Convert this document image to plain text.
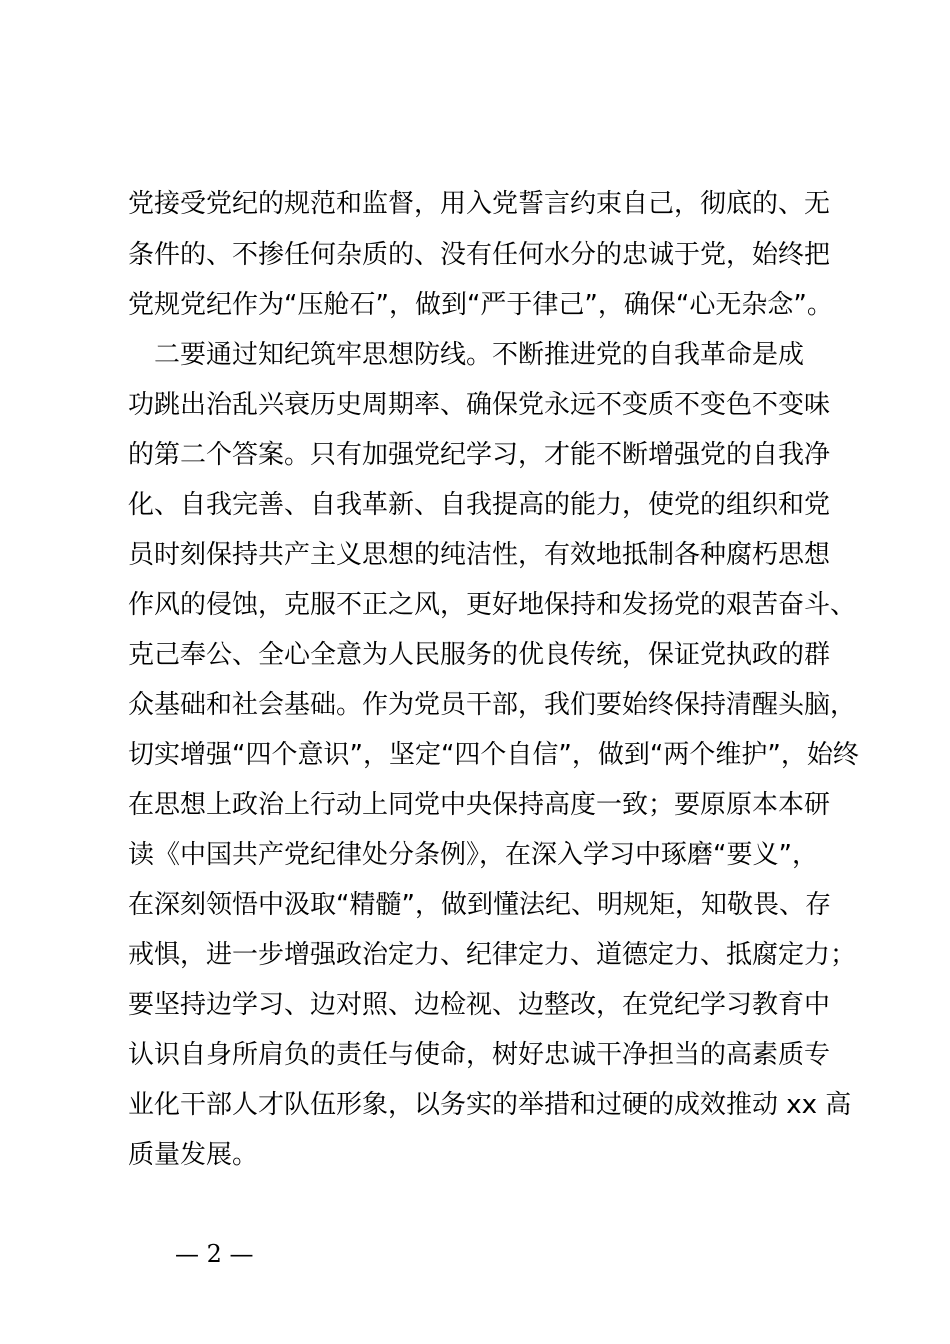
党接受党纪的规范和监督，用入党誓言约束自己，彻底的、无
条件的、不掺任何杂质的、没有任何水分的忠诚于党，始终把
党规党纪作为“压舱石”，做到“严于律己”，确保“心无杂念”。
　二要通过知纪筑牢思想防线。不断推进党的自我革命是成
功跳出治乱兴衰历史周期率、确保党永远不变质不变色不变味
的第二个答案。只有加强党纪学习，才能不断增强党的自我净
化、自我完善、自我革新、自我提高的能力，使党的组织和党
员时刻保持共产主义思想的纯洁性，有效地抵制各种腐朽思想
作风的侵蚀，克服不正之风，更好地保持和发扬党的艰苦奋斗、
克己奉公、全心全意为人民服务的优良传统，保证党执政的群
众基础和社会基础。作为党员干部，我们要始终保持清醒头脑，
切实增强“四个意识”，坚定“四个自信”，做到“两个维护”，始终
在思想上政治上行动上同党中央保持高度一致；要原原本本研
读《中国共产党纪律处分条例》，在深入学习中琢磨“要义”，
在深刻领悟中汲取“精髓”，做到懂法纪、明规矩，知敬畏、存
戒惧，进一步增强政治定力、纪律定力、道德定力、抵腐定力；
要坚持边学习、边对照、边检视、边整改，在党纪学习教育中
认识自身所肩负的责任与使命，树好忠诚干净担当的高素质专
业化干部人才队伍形象，以务实的举措和过硬的成效推动 xx 高
质量发展。
— 2 —
